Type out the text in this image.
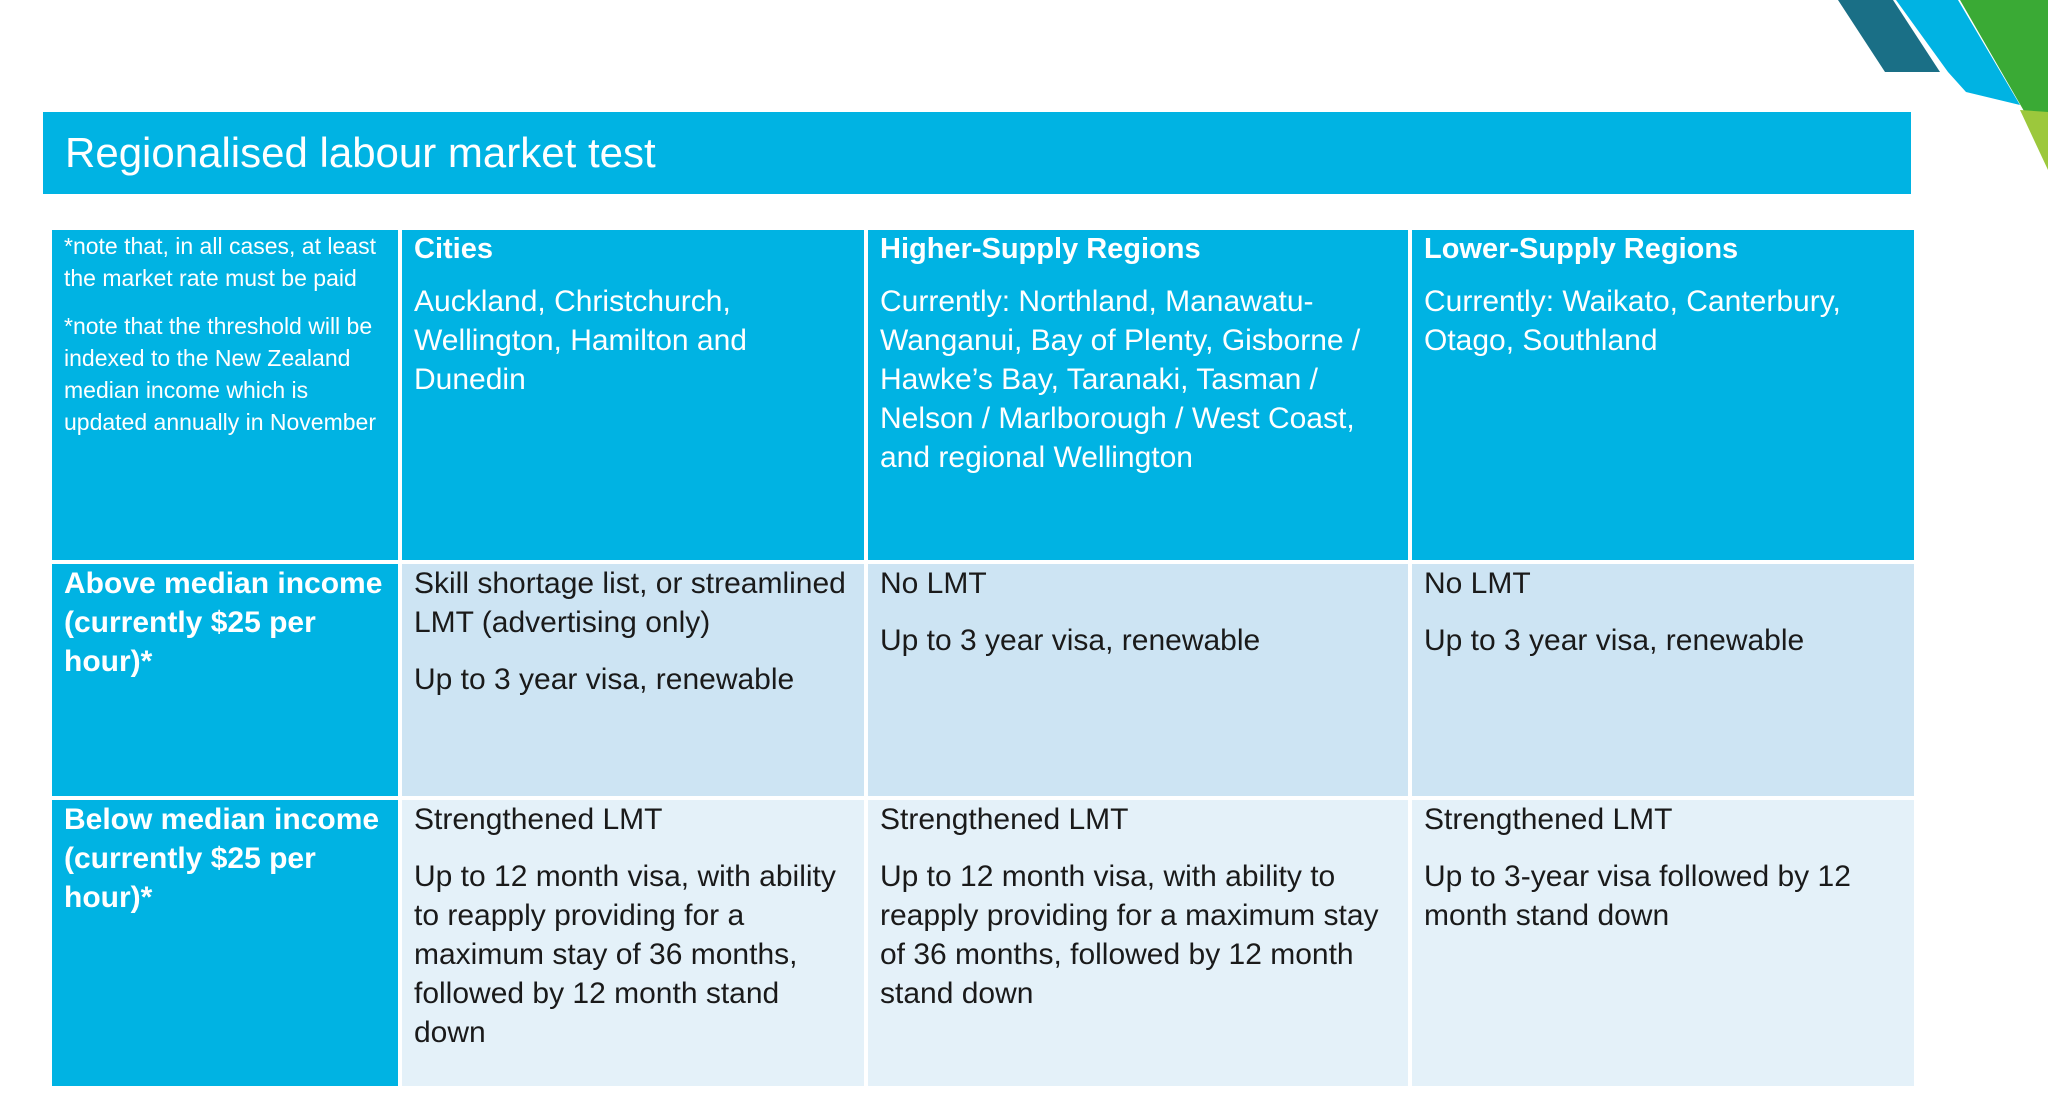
Regionalised labour market test

*note that, in all cases, at least the market rate must be paid

*note that the threshold will be indexed to the New Zealand median income which is updated annually in November

Cities

Auckland, Christchurch, Wellington, Hamilton and Dunedin

Higher-Supply Regions

Currently: Northland, Manawatu-Wanganui, Bay of Plenty, Gisborne / Hawke’s Bay, Taranaki, Tasman / Nelson / Marlborough / West Coast, and regional Wellington

Lower-Supply Regions

Currently: Waikato, Canterbury, Otago, Southland

Above median income (currently $25 per hour)*

Skill shortage list, or streamlined LMT (advertising only)

Up to 3 year visa, renewable

No LMT

Up to 3 year visa, renewable

No LMT

Up to 3 year visa, renewable

Below median income (currently $25 per hour)*

Strengthened LMT

Up to 12 month visa, with ability to reapply providing for a maximum stay of 36 months, followed by 12 month stand down

Strengthened LMT

Up to 12 month visa, with ability to reapply providing for a maximum stay of 36 months, followed by 12 month stand down

Strengthened LMT

Up to 3-year visa followed by 12 month stand down
